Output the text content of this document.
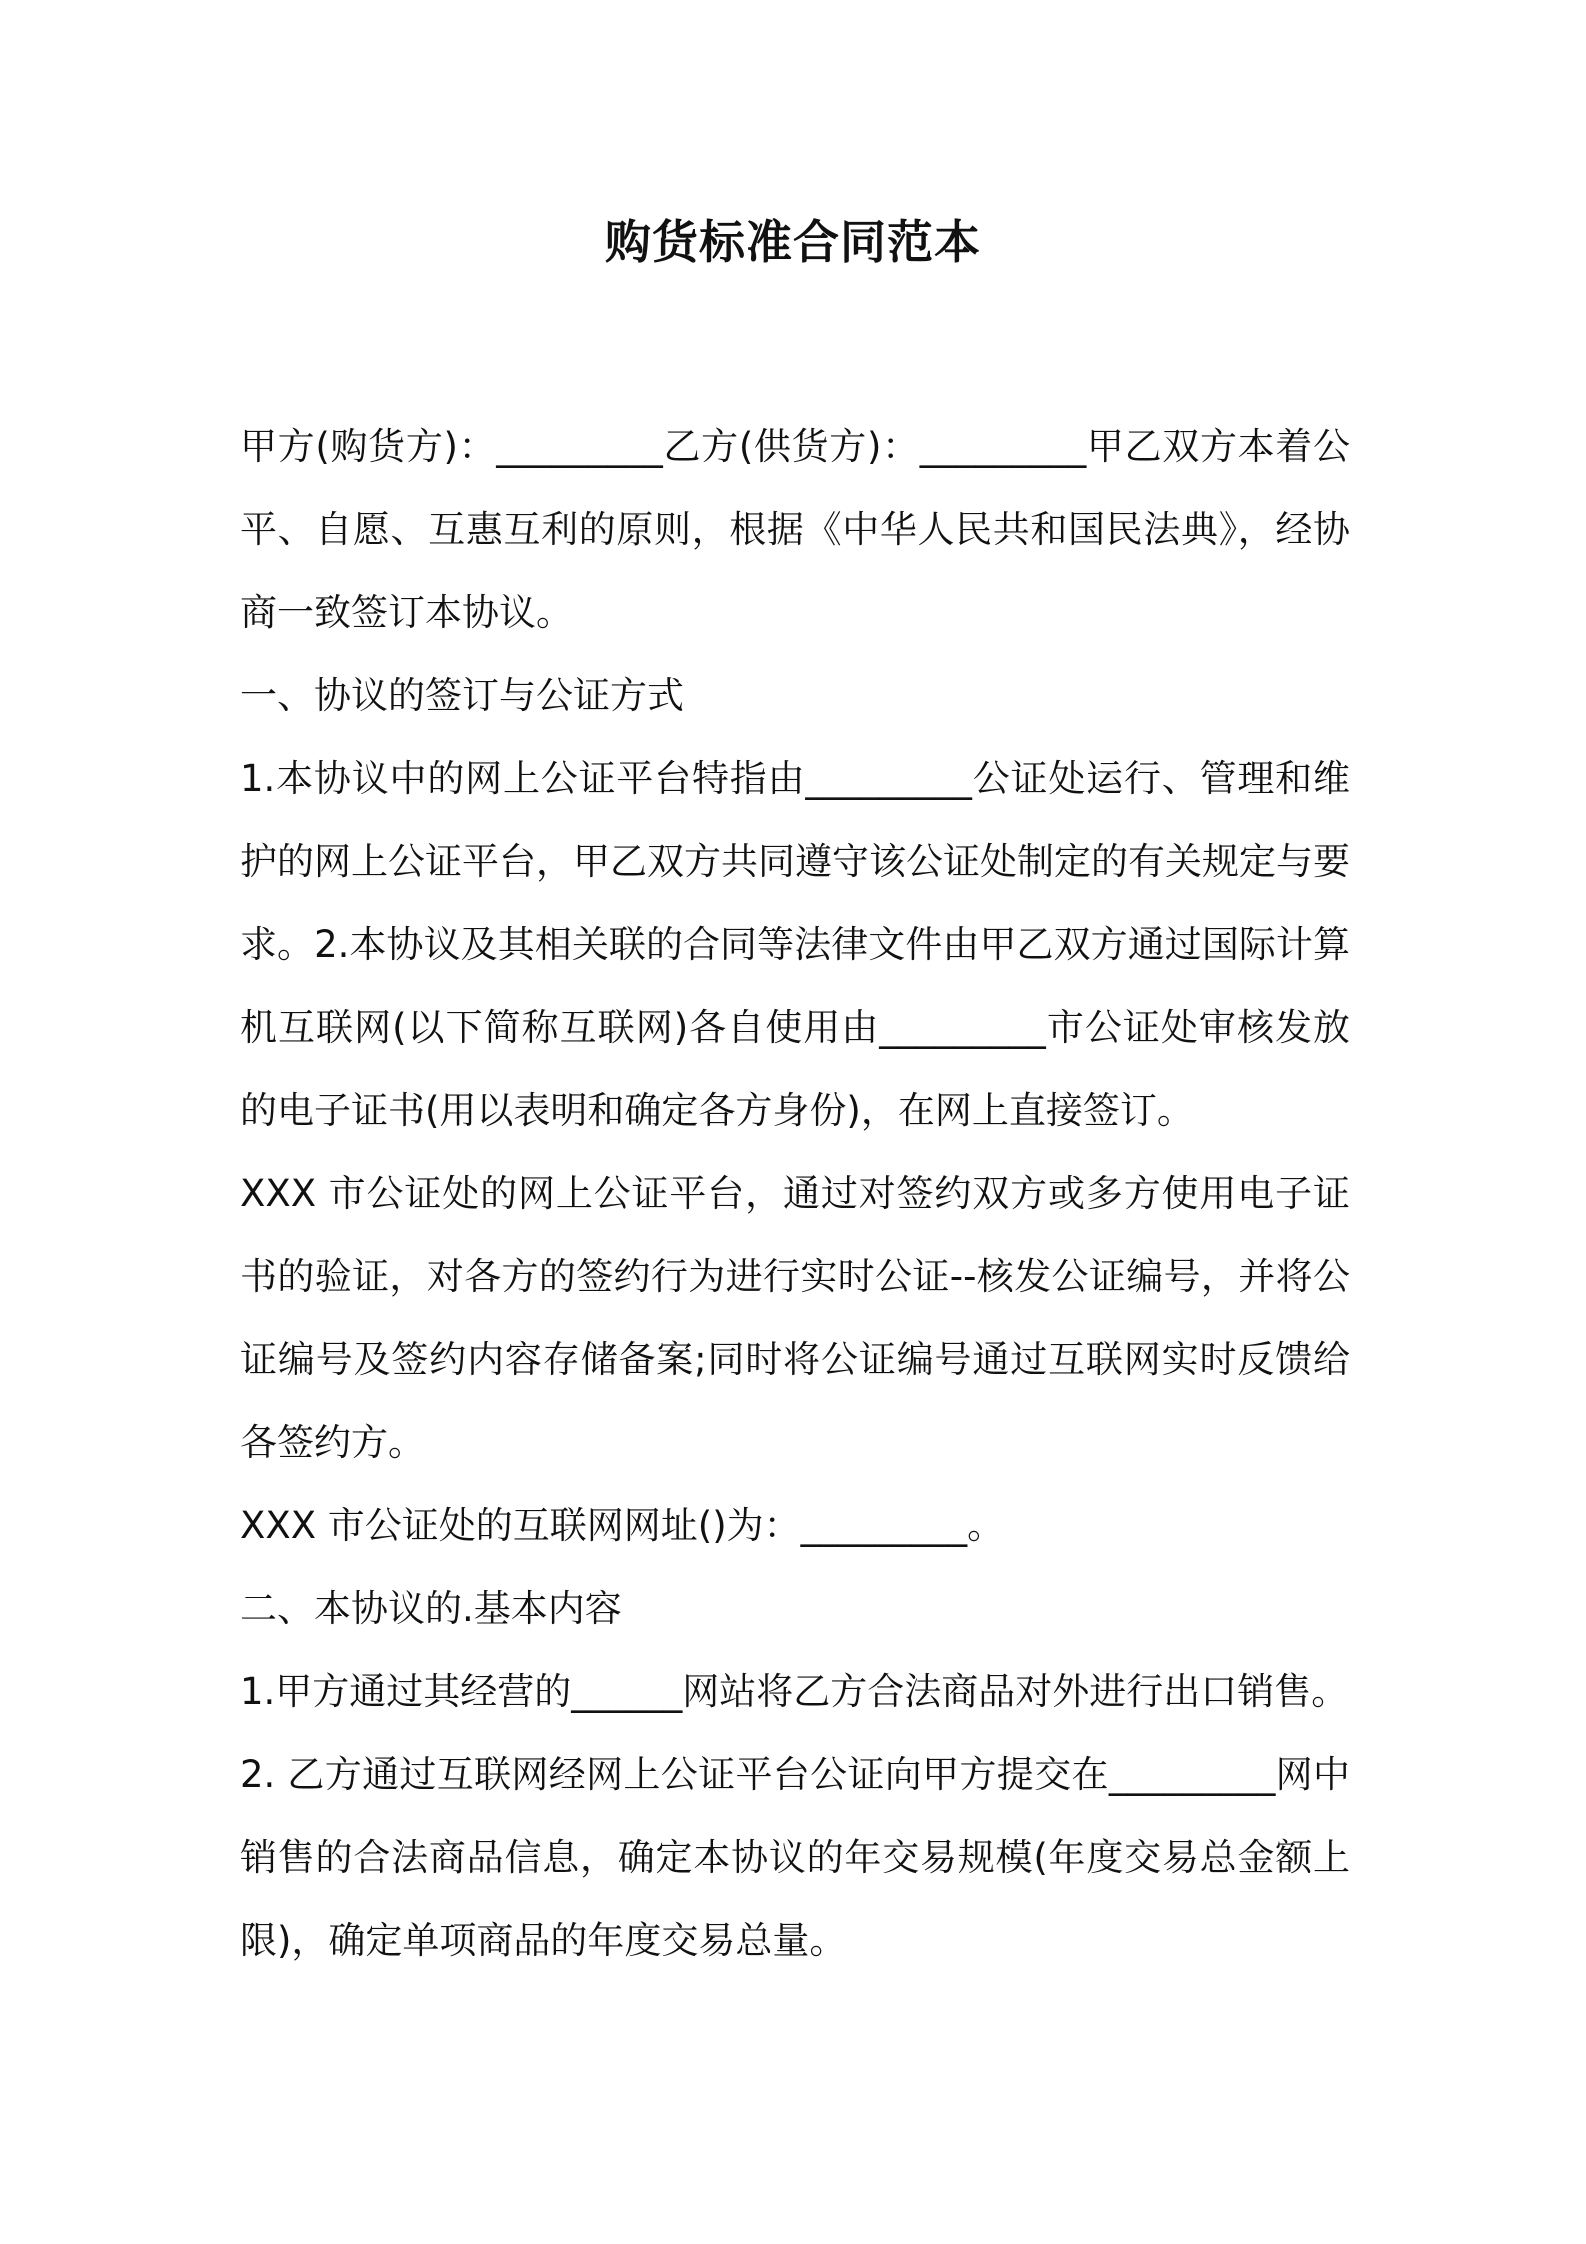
购货标准合同范本

甲方(购货方)：_________乙方(供货方)：_________甲乙双方本着公平、自愿、互惠互利的原则，根据《中华人民共和国民法典》，经协商一致签订本协议。

一、协议的签订与公证方式

1.本协议中的网上公证平台特指由_________公证处运行、管理和维护的网上公证平台，甲乙双方共同遵守该公证处制定的有关规定与要求。2.本协议及其相关联的合同等法律文件由甲乙双方通过国际计算机互联网(以下简称互联网)各自使用由_________市公证处审核发放的电子证书(用以表明和确定各方身份)，在网上直接签订。

XXX 市公证处的网上公证平台，通过对签约双方或多方使用电子证书的验证，对各方的签约行为进行实时公证--核发公证编号，并将公证编号及签约内容存储备案;同时将公证编号通过互联网实时反馈给各签约方。

XXX 市公证处的互联网网址()为：_________。

二、本协议的.基本内容

1.甲方通过其经营的______网站将乙方合法商品对外进行出口销售。

2. 乙方通过互联网经网上公证平台公证向甲方提交在_________网中销售的合法商品信息，确定本协议的年交易规模(年度交易总金额上限)，确定单项商品的年度交易总量。
